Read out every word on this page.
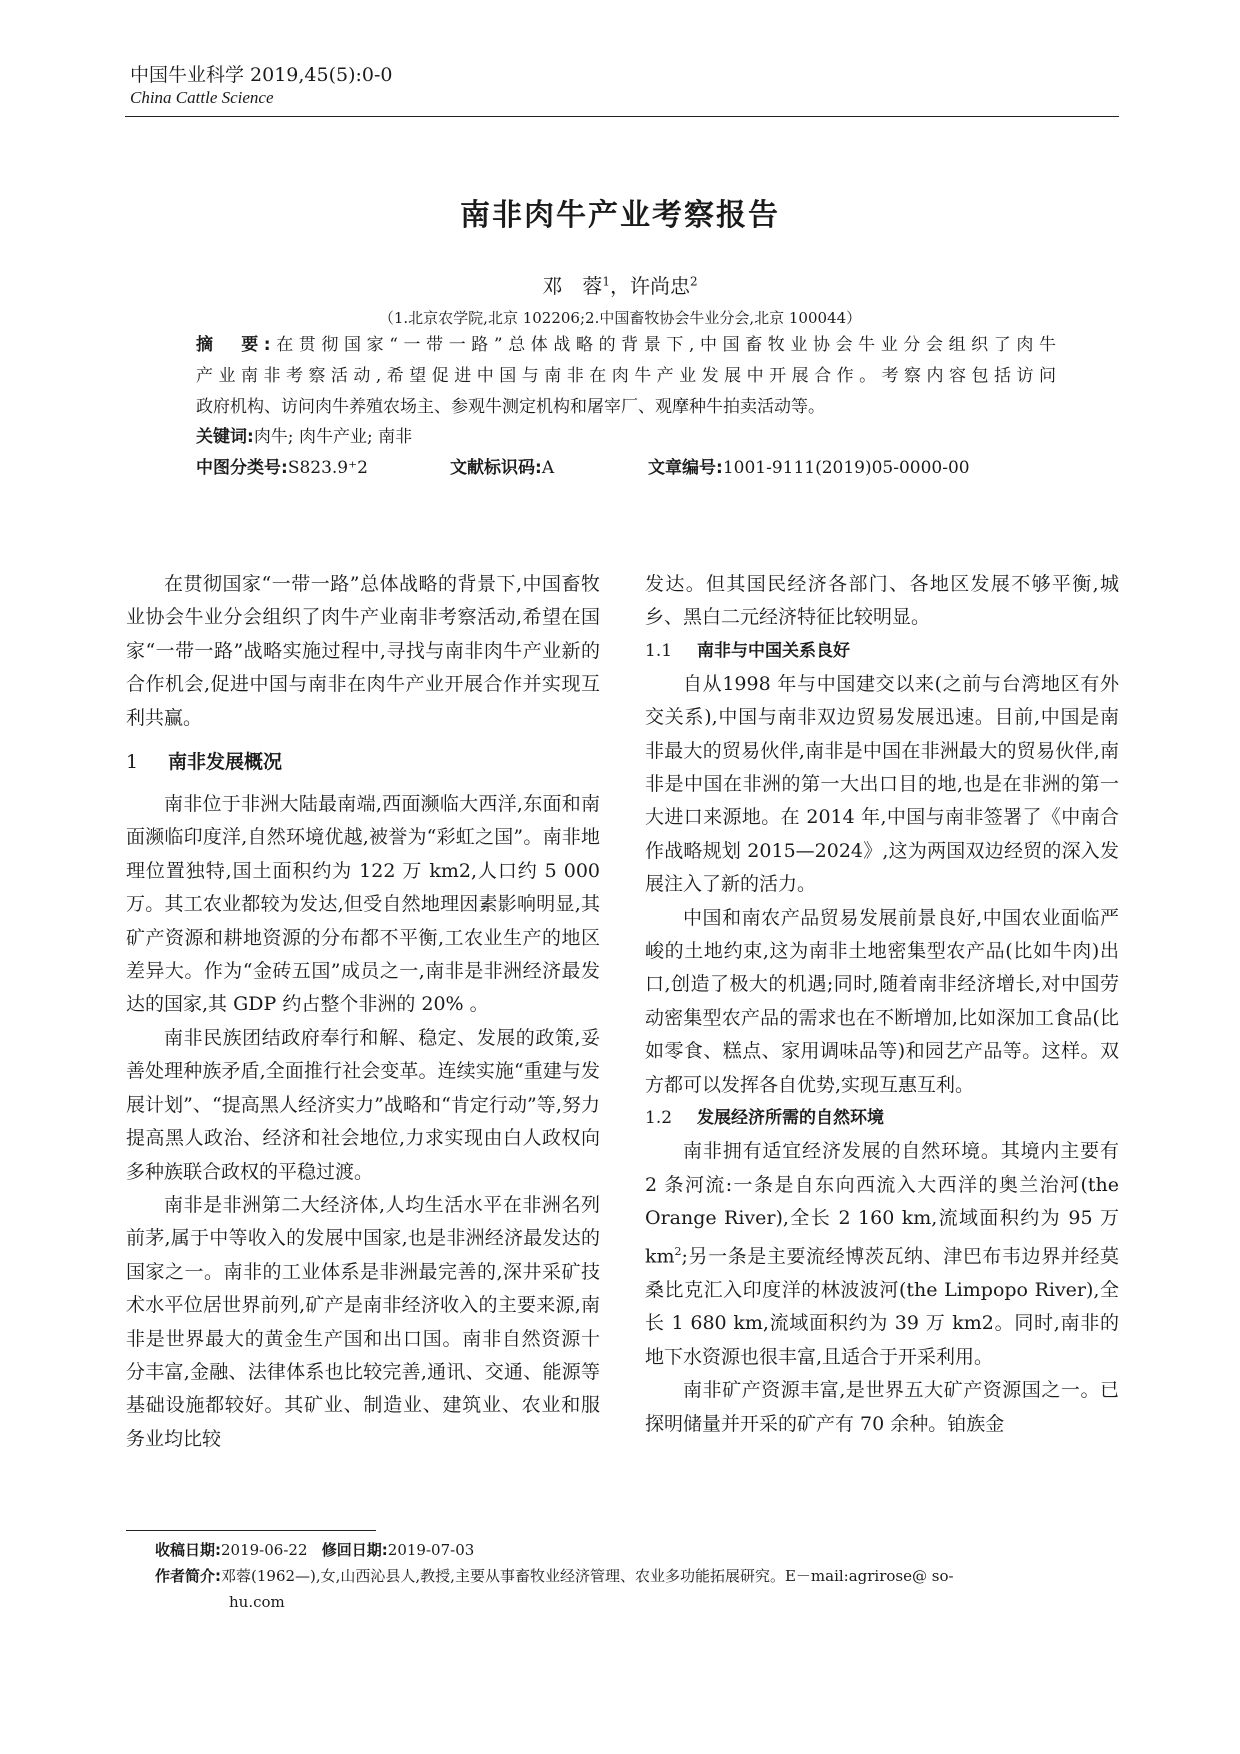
中国牛业科学 2019,45(5):0-0
China Cattle Science
南非肉牛产业考察报告
邓　蓉$^1$，许尚忠$^2$
（1.北京农学院,北京 102206;2.中国畜牧协会牛业分会,北京 100044）
摘　要:在贯彻国家“一带一路”总体战略的背景下,中国畜牧业协会牛业分会组织了肉牛
产业南非考察活动,希望促进中国与南非在肉牛产业发展中开展合作。考察内容包括访问
政府机构、访问肉牛养殖农场主、参观牛测定机构和屠宰厂、观摩种牛拍卖活动等。
关键词:肉牛; 肉牛产业; 南非
中图分类号:S823.9⁺2	文献标识码:A	文章编号:1001-9111(2019)05-0000-00

在贯彻国家“一带一路”总体战略的背景下,中国畜牧业协会牛业分会组织了肉牛产业南非考察活动,希望在国家“一带一路”战略实施过程中,寻找与南非肉牛产业新的合作机会,促进中国与南非在肉牛产业开展合作并实现互利共赢。

1 南非发展概况

南非位于非洲大陆最南端,西面濒临大西洋,东面和南面濒临印度洋,自然环境优越,被誉为“彩虹之国”。南非地理位置独特,国土面积约为 122 万 km2,人口约 5 000 万。其工农业都较为发达,但受自然地理因素影响明显,其矿产资源和耕地资源的分布都不平衡,工农业生产的地区差异大。作为“金砖五国”成员之一,南非是非洲经济最发达的国家,其 GDP 约占整个非洲的 20% 。

南非民族团结政府奉行和解、稳定、发展的政策,妥善处理种族矛盾,全面推行社会变革。连续实施“重建与发展计划”、“提高黑人经济实力”战略和“肯定行动”等,努力提高黑人政治、经济和社会地位,力求实现由白人政权向多种族联合政权的平稳过渡。

南非是非洲第二大经济体,人均生活水平在非洲名列前茅,属于中等收入的发展中国家,也是非洲经济最发达的国家之一。南非的工业体系是非洲最完善的,深井采矿技术水平位居世界前列,矿产是南非经济收入的主要来源,南非是世界最大的黄金生产国和出口国。南非自然资源十分丰富,金融、法律体系也比较完善,通讯、交通、能源等基础设施都较好。其矿业、制造业、建筑业、农业和服务业均比较

发达。但其国民经济各部门、各地区发展不够平衡,城乡、黑白二元经济特征比较明显。

1.1 南非与中国关系良好

自从1998 年与中国建交以来(之前与台湾地区有外交关系),中国与南非双边贸易发展迅速。目前,中国是南非最大的贸易伙伴,南非是中国在非洲最大的贸易伙伴,南非是中国在非洲的第一大出口目的地,也是在非洲的第一大进口来源地。在 2014 年,中国与南非签署了《中南合作战略规划 2015—2024》,这为两国双边经贸的深入发展注入了新的活力。

中国和南农产品贸易发展前景良好,中国农业面临严峻的土地约束,这为南非土地密集型农产品(比如牛肉)出口,创造了极大的机遇;同时,随着南非经济增长,对中国劳动密集型农产品的需求也在不断增加,比如深加工食品(比如零食、糕点、家用调味品等)和园艺产品等。这样。双方都可以发挥各自优势,实现互惠互利。

1.2 发展经济所需的自然环境

南非拥有适宜经济发展的自然环境。其境内主要有 2 条河流:一条是自东向西流入大西洋的奥兰治河(the Orange River),全长 2 160 km,流域面积约为 95 万 $km^2$;另一条是主要流经博茨瓦纳、津巴布韦边界并经莫桑比克汇入印度洋的林波波河(the Limpopo River),全长 1 680 km,流域面积约为 39 万 km2。同时,南非的地下水资源也很丰富,且适合于开采利用。

南非矿产资源丰富,是世界五大矿产资源国之一。已探明储量并开采的矿产有 70 余种。铂族金

收稿日期:2019-06-22 修回日期:2019-07-03
作者简介:邓蓉(1962—),女,山西沁县人,教授,主要从事畜牧业经济管理、农业多功能拓展研究。E－mail:agrirose@ so-
hu.com
